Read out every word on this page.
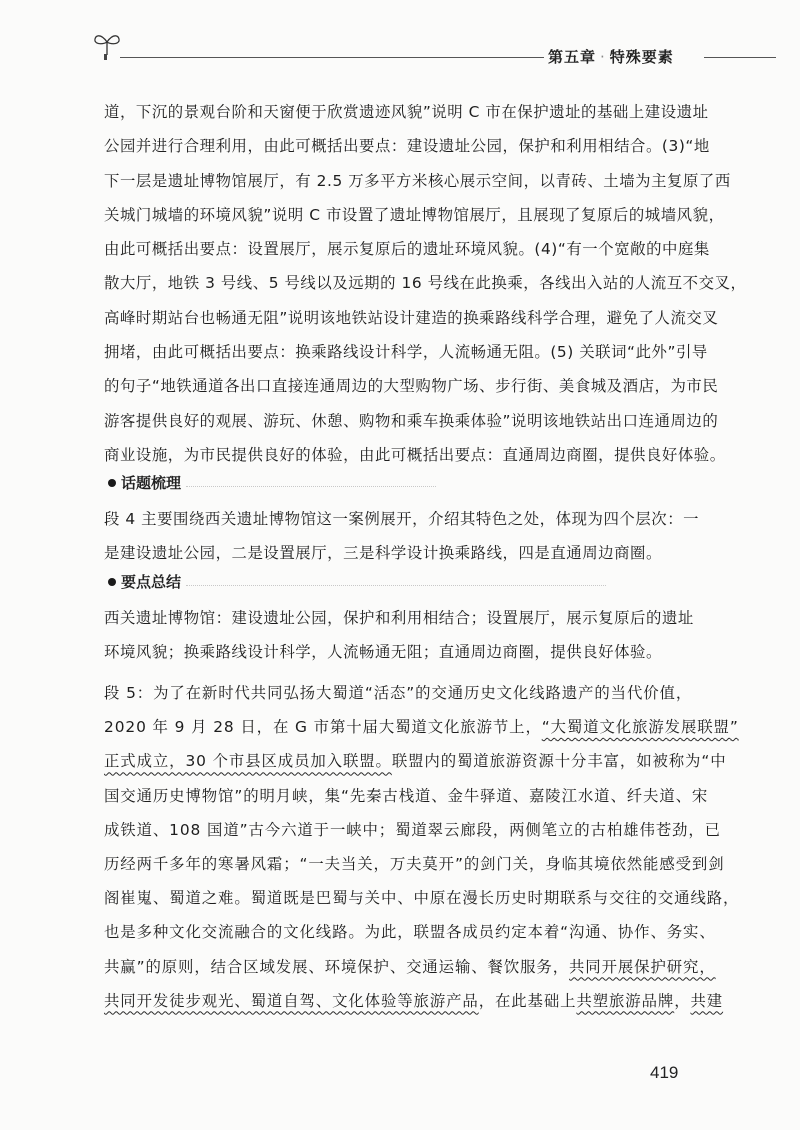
第五章 · 特殊要素
道，下沉的景观台阶和天窗便于欣赏遗迹风貌”说明 C 市在保护遗址的基础上建设遗址
公园并进行合理利用，由此可概括出要点：建设遗址公园，保护和利用相结合。(3)“地
下一层是遗址博物馆展厅，有 2.5 万多平方米核心展示空间，以青砖、土墙为主复原了西
关城门城墙的环境风貌”说明 C 市设置了遗址博物馆展厅，且展现了复原后的城墙风貌，
由此可概括出要点：设置展厅，展示复原后的遗址环境风貌。(4)“有一个宽敞的中庭集
散大厅，地铁 3 号线、5 号线以及远期的 16 号线在此换乘，各线出入站的人流互不交叉，
高峰时期站台也畅通无阻”说明该地铁站设计建造的换乘路线科学合理，避免了人流交叉
拥堵，由此可概括出要点：换乘路线设计科学，人流畅通无阻。(5) 关联词“此外”引导
的句子“地铁通道各出口直接连通周边的大型购物广场、步行街、美食城及酒店，为市民
游客提供良好的观展、游玩、休憩、购物和乘车换乘体验”说明该地铁站出口连通周边的
商业设施，为市民提供良好的体验，由此可概括出要点：直通周边商圈，提供良好体验。
话题梳理
段 4 主要围绕西关遗址博物馆这一案例展开，介绍其特色之处，体现为四个层次：一
是建设遗址公园，二是设置展厅，三是科学设计换乘路线，四是直通周边商圈。
要点总结
西关遗址博物馆：建设遗址公园，保护和利用相结合；设置展厅，展示复原后的遗址
环境风貌；换乘路线设计科学，人流畅通无阻；直通周边商圈，提供良好体验。
段 5：为了在新时代共同弘扬大蜀道“活态”的交通历史文化线路遗产的当代价值，
2020 年 9 月 28 日，在 G 市第十届大蜀道文化旅游节上，“大蜀道文化旅游发展联盟”
正式成立，30 个市县区成员加入联盟。联盟内的蜀道旅游资源十分丰富，如被称为“中
国交通历史博物馆”的明月峡，集“先秦古栈道、金牛驿道、嘉陵江水道、纤夫道、宋
成铁道、108 国道”古今六道于一峡中；蜀道翠云廊段，两侧笔立的古柏雄伟苍劲，已
历经两千多年的寒暑风霜；“一夫当关，万夫莫开”的剑门关，身临其境依然能感受到剑
阁崔嵬、蜀道之难。蜀道既是巴蜀与关中、中原在漫长历史时期联系与交往的交通线路，
也是多种文化交流融合的文化线路。为此，联盟各成员约定本着“沟通、协作、务实、
共赢”的原则，结合区域发展、环境保护、交通运输、餐饮服务，共同开展保护研究，
共同开发徒步观光、蜀道自驾、文化体验等旅游产品，在此基础上共塑旅游品牌，共建
419
